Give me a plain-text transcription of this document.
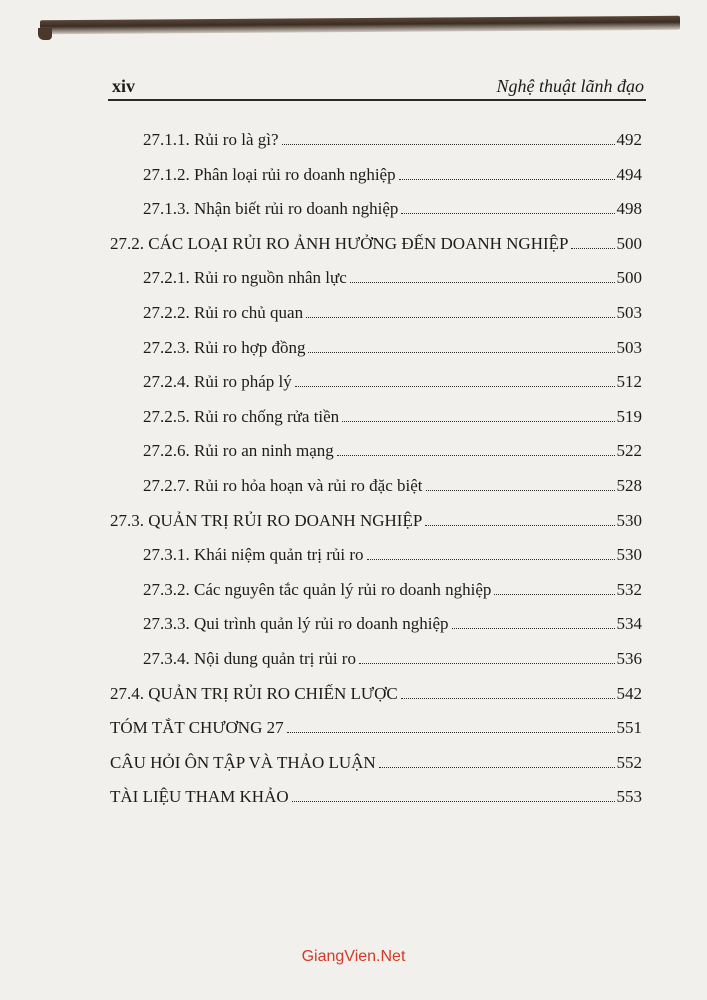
xiv	Nghệ thuật lãnh đạo
27.1.1. Rủi ro là gì?	492
27.1.2. Phân loại rủi ro doanh nghiệp	494
27.1.3. Nhận biết rủi ro doanh nghiệp	498
27.2. CÁC LOẠI RỦI RO ẢNH HƯỞNG ĐẾN DOANH NGHIỆP	500
27.2.1. Rủi ro nguồn nhân lực	500
27.2.2. Rủi ro chủ quan	503
27.2.3. Rủi ro hợp đồng	503
27.2.4. Rủi ro pháp lý	512
27.2.5. Rủi ro chống rửa tiền	519
27.2.6. Rủi ro an ninh mạng	522
27.2.7. Rủi ro hỏa hoạn và rủi ro đặc biệt	528
27.3. QUẢN TRỊ RỦI RO DOANH NGHIỆP	530
27.3.1. Khái niệm quản trị rủi ro	530
27.3.2. Các nguyên tắc quản lý rủi ro doanh nghiệp	532
27.3.3. Qui trình quản lý rủi ro doanh nghiệp	534
27.3.4. Nội dung quản trị rủi ro	536
27.4. QUẢN TRỊ RỦI RO CHIẾN LƯỢC	542
TÓM TẮT CHƯƠNG 27	551
CÂU HỎI ÔN TẬP VÀ THẢO LUẬN	552
TÀI LIỆU THAM KHẢO	553
GiangVien.Net
